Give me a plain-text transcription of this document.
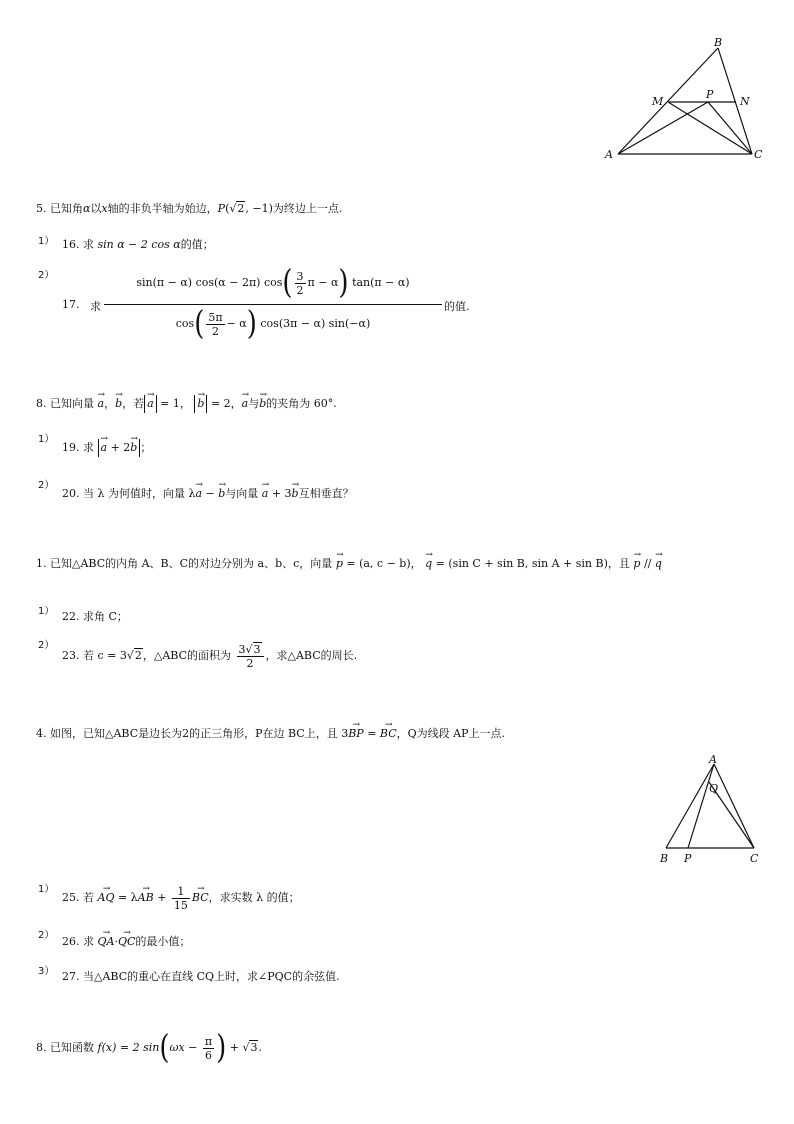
B
M
P
N
A	C
5. 已知角α以x轴的非负半轴为始边，P(√2, −1)为终边上一点.
1） 16. 求 sin α − 2 cos α的值；
2）
17. 求
sin(π − α) cos(α − 2π) $\cos( \frac{3}{2}$ π − α) tan(π − α)
$\cos( \frac{5\pi}{2} - \alpha)$ cos(3π − α) sin(−α)
的值.
8. 已知向量 → a，→ b，若 → a = 1， → b = 2，→ a与→ b的夹角为 60°.
1）
19. 求 → a + 2→ b ；
2）
20. 当 λ 为何值时，向量 λ→ a − → b与向量 → a + 3→ b互相垂直？
1. 已知△ABC的内角 A、B、C的对边分别为 a、b、c，向量 → p = (a, c − b)， → q = (sin C + sin B, sin A + sin B)，且 → p // → q
1） 22. 求角 C；
2）
23. 若 c = 3√2，△ABC的面积为 $\frac{3√3}{2}$ ，求△ABC的周长.
4. 如图，已知△ABC是边长为2的正三角形，P在边 BC上，且 3→ BP = → BC，Q为线段 AP上一点.
A
Q
B P	C
1）
25. 若 → AQ = λ→ AB + $\frac{1}{15}$ → BC，求实数 λ 的值；
2） 26. 求 → QA·→ QC的最小值；
3） 27. 当△ABC的重心在直线 CQ上时，求∠PQC的余弦值.
8. 已知函数 f(x) = 2 $\sin(\omega x - \frac{\pi}{6}$ ) + √3.
